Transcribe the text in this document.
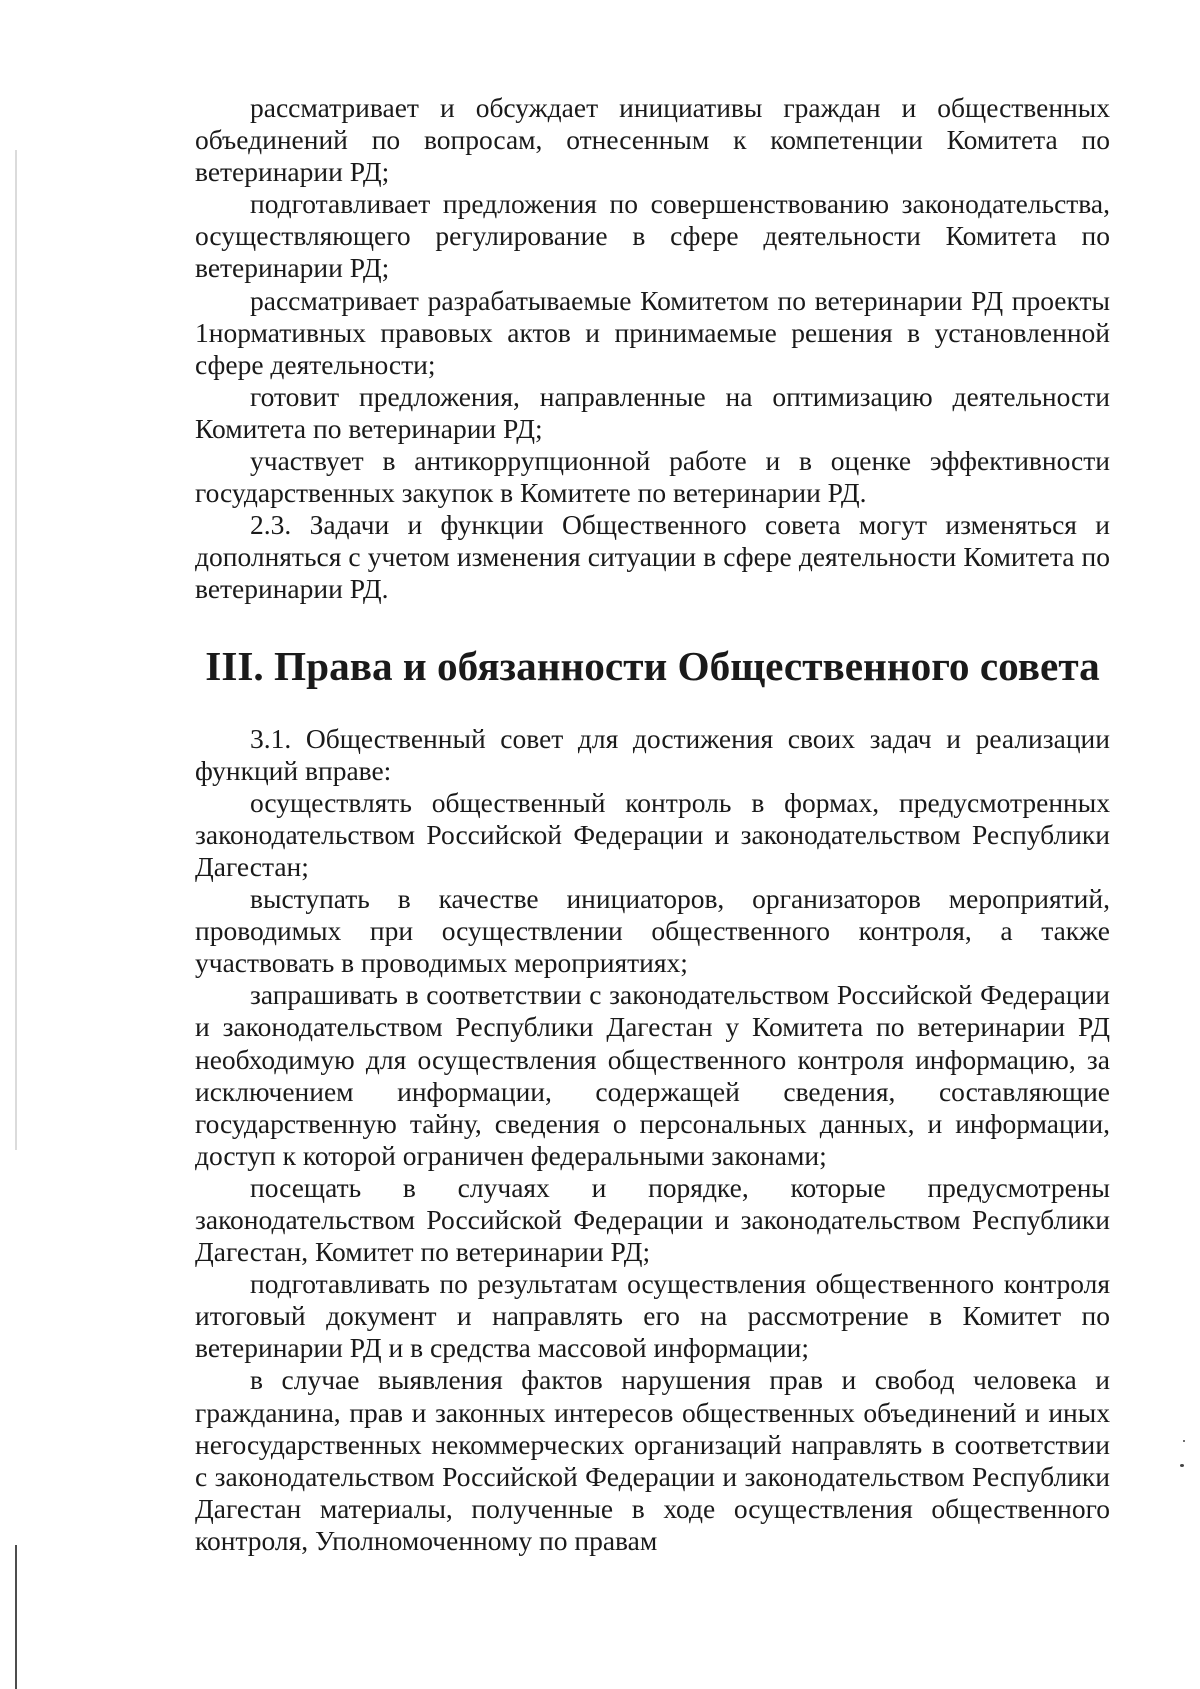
рассматривает и обсуждает инициативы граждан и общественных объединений по вопросам, отнесенным к компетенции Комитета по ветеринарии РД;

подготавливает предложения по совершенствованию законодательства, осуществляющего регулирование в сфере деятельности Комитета по ветеринарии РД;

рассматривает разрабатываемые Комитетом по ветеринарии РД проекты 1нормативных правовых актов и принимаемые решения в установленной сфере деятельности;

готовит предложения, направленные на оптимизацию деятельности Комитета по ветеринарии РД;

участвует в антикоррупционной работе и в оценке эффективности государственных закупок в Комитете по ветеринарии РД.

2.3. Задачи и функции Общественного совета могут изменяться и дополняться с учетом изменения ситуации в сфере деятельности Комитета по ветеринарии РД.

III. Права и обязанности Общественного совета

3.1. Общественный совет для достижения своих задач и реализации функций вправе:

осуществлять общественный контроль в формах, предусмотренных законодательством Российской Федерации и законодательством Республики Дагестан;

выступать в качестве инициаторов, организаторов мероприятий, проводимых при осуществлении общественного контроля, а также участвовать в проводимых мероприятиях;

запрашивать в соответствии с законодательством Российской Федерации и законодательством Республики Дагестан у Комитета по ветеринарии РД необходимую для осуществления общественного контроля информацию, за исключением информации, содержащей сведения, составляющие государственную тайну, сведения о персональных данных, и информации, доступ к которой ограничен федеральными законами;

посещать в случаях и порядке, которые предусмотрены законодательством Российской Федерации и законодательством Республики Дагестан, Комитет по ветеринарии РД;

подготавливать по результатам осуществления общественного контроля итоговый документ и направлять его на рассмотрение в Комитет по ветеринарии РД и в средства массовой информации;

в случае выявления фактов нарушения прав и свобод человека и гражданина, прав и законных интересов общественных объединений и иных негосударственных некоммерческих организаций направлять в соответствии с законодательством Российской Федерации и законодательством Республики Дагестан материалы, полученные в ходе осуществления общественного контроля, Уполномоченному по правам
